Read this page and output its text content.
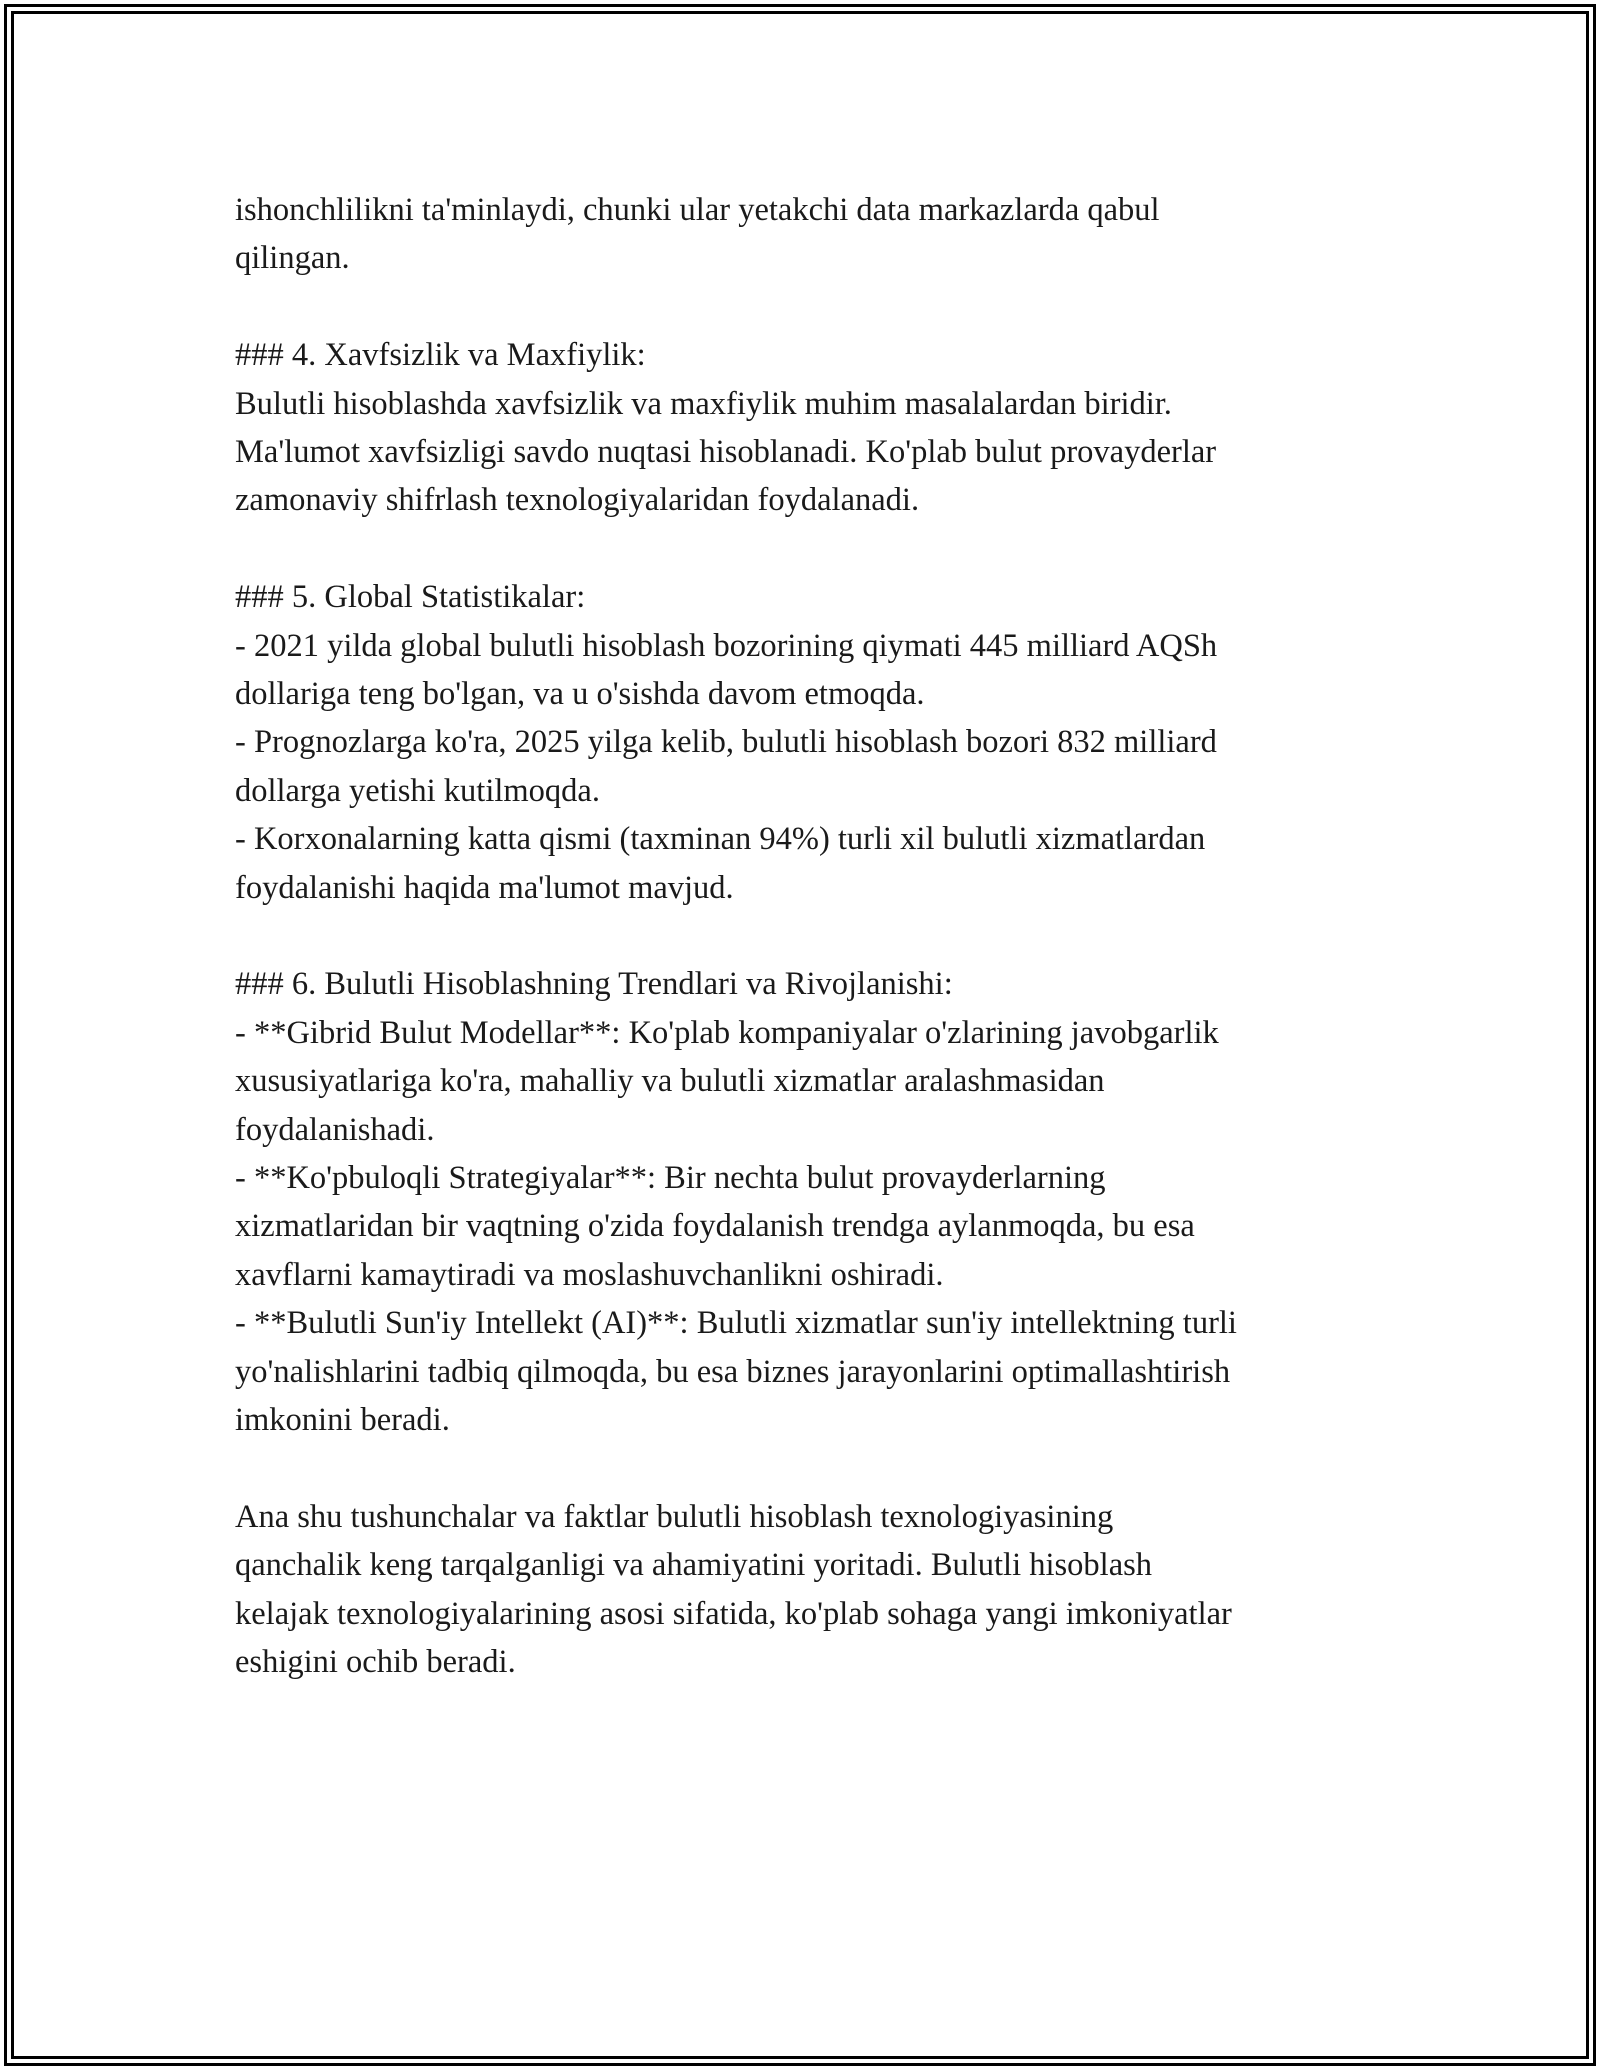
ishonchlilikni ta'minlaydi, chunki ular yetakchi data markazlarda qabul
qilingan.

### 4. Xavfsizlik va Maxfiylik:
Bulutli hisoblashda xavfsizlik va maxfiylik muhim masalalardan biridir.
Ma'lumot xavfsizligi savdo nuqtasi hisoblanadi. Ko'plab bulut provayderlar
zamonaviy shifrlash texnologiyalaridan foydalanadi.

### 5. Global Statistikalar:
- 2021 yilda global bulutli hisoblash bozorining qiymati 445 milliard AQSh
dollariga teng bo'lgan, va u o'sishda davom etmoqda.
- Prognozlarga ko'ra, 2025 yilga kelib, bulutli hisoblash bozori 832 milliard
dollarga yetishi kutilmoqda.
- Korxonalarning katta qismi (taxminan 94%) turli xil bulutli xizmatlardan
foydalanishi haqida ma'lumot mavjud.

### 6. Bulutli Hisoblashning Trendlari va Rivojlanishi:
- **Gibrid Bulut Modellar**: Ko'plab kompaniyalar o'zlarining javobgarlik
xususiyatlariga ko'ra, mahalliy va bulutli xizmatlar aralashmasidan
foydalanishadi.
- **Ko'pbuloqli Strategiyalar**: Bir nechta bulut provayderlarning
xizmatlaridan bir vaqtning o'zida foydalanish trendga aylanmoqda, bu esa
xavflarni kamaytiradi va moslashuvchanlikni oshiradi.
- **Bulutli Sun'iy Intellekt (AI)**: Bulutli xizmatlar sun'iy intellektning turli
yo'nalishlarini tadbiq qilmoqda, bu esa biznes jarayonlarini optimallashtirish
imkonini beradi.

Ana shu tushunchalar va faktlar bulutli hisoblash texnologiyasining
qanchalik keng tarqalganligi va ahamiyatini yoritadi. Bulutli hisoblash
kelajak texnologiyalarining asosi sifatida, ko'plab sohaga yangi imkoniyatlar
eshigini ochib beradi.
